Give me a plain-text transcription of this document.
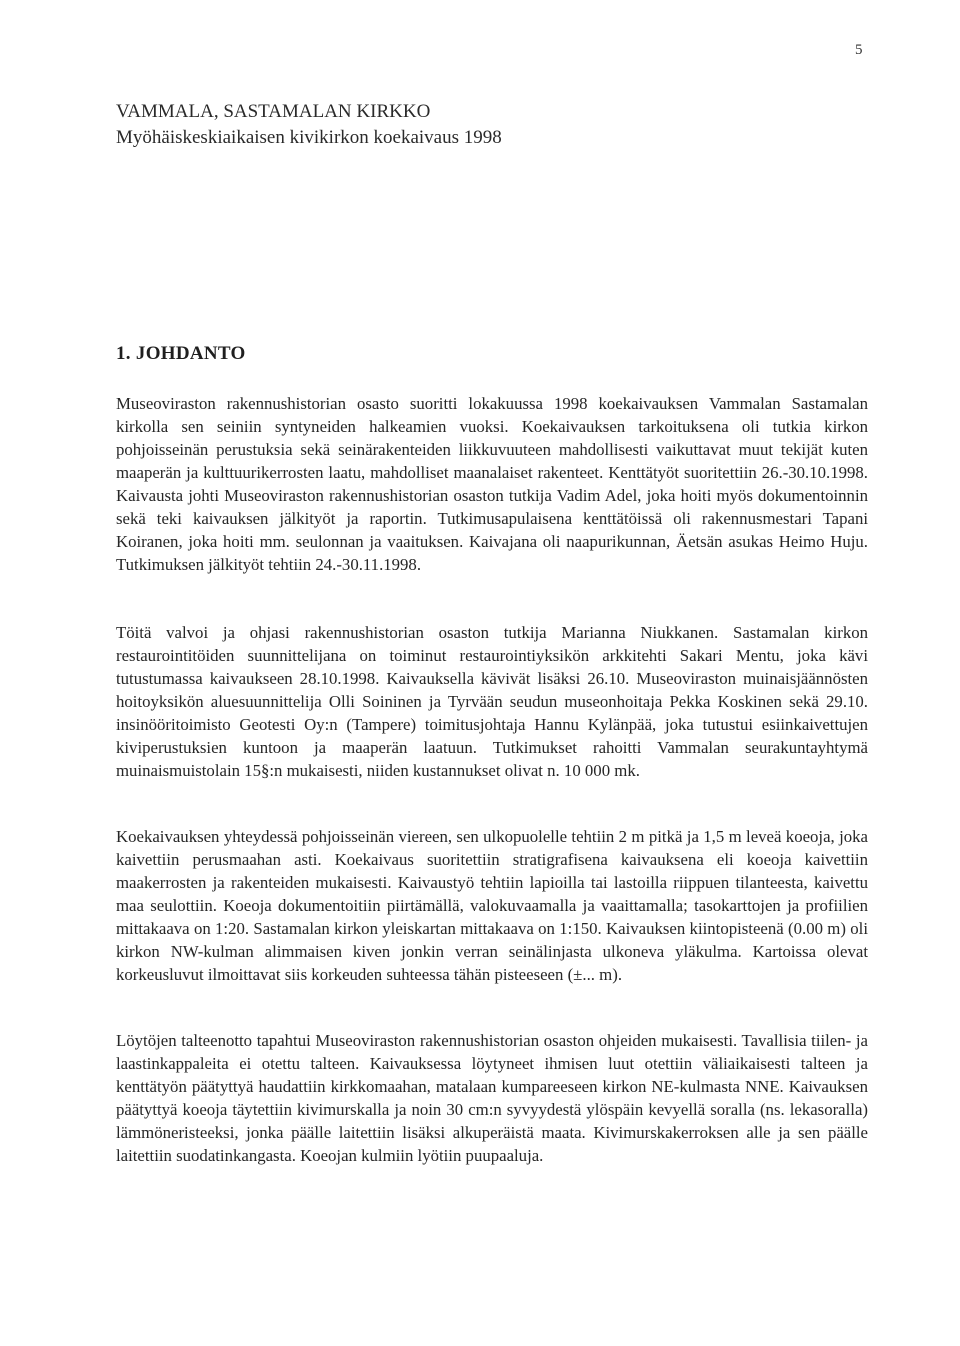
5
VAMMALA, SASTAMALAN KIRKKO
Myöhäiskeskiaikaisen kivikirkon koekaivaus 1998
1. JOHDANTO

Museoviraston rakennushistorian osasto suoritti lokakuussa 1998 koekaivauksen Vammalan Sastamalan kirkolla sen seiniin syntyneiden halkeamien vuoksi. Koekaivauksen tarkoituksena oli tutkia kirkon pohjoisseinän perustuksia sekä seinärakenteiden liikkuvuuteen mahdollisesti vaikuttavat muut tekijät kuten maaperän ja kulttuurikerrosten laatu, mahdolliset maanalaiset rakenteet. Kenttätyöt suoritettiin 26.-30.10.1998. Kaivausta johti Museoviraston rakennushistorian osaston tutkija Vadim Adel, joka hoiti myös dokumentoinnin sekä teki kaivauksen jälkityöt ja raportin. Tutkimusapulaisena kenttätöissä oli rakennusmestari Tapani Koiranen, joka hoiti mm. seulonnan ja vaaituksen. Kaivajana oli naapurikunnan, Äetsän asukas Heimo Huju. Tutkimuksen jälkityöt tehtiin 24.-30.11.1998.

Töitä valvoi ja ohjasi rakennushistorian osaston tutkija Marianna Niukkanen. Sastamalan kirkon restaurointitöiden suunnittelijana on toiminut restaurointiyksikön arkkitehti Sakari Mentu, joka kävi tutustumassa kaivaukseen 28.10.1998. Kaivauksella kävivät lisäksi 26.10. Museoviraston muinaisjäännösten hoitoyksikön aluesuunnittelija Olli Soininen ja Tyrvään seudun museonhoitaja Pekka Koskinen sekä 29.10. insinööritoimisto Geotesti Oy:n (Tampere) toimitusjohtaja Hannu Kylänpää, joka tutustui esiinkaivettujen kiviperustuksien kuntoon ja maaperän laatuun. Tutkimukset rahoitti Vammalan seurakuntayhtymä muinaismuistolain 15§:n mukaisesti, niiden kustannukset olivat n. 10 000 mk.

Koekaivauksen yhteydessä pohjoisseinän viereen, sen ulkopuolelle tehtiin 2 m pitkä ja 1,5 m leveä koeoja, joka kaivettiin perusmaahan asti. Koekaivaus suoritettiin stratigrafisena kaivauksena eli koeoja kaivettiin maakerrosten ja rakenteiden mukaisesti. Kaivaustyö tehtiin lapioilla tai lastoilla riippuen tilanteesta, kaivettu maa seulottiin. Koeoja dokumentoitiin piirtämällä, valokuvaamalla ja vaaittamalla; tasokarttojen ja profiilien mittakaava on 1:20. Sastamalan kirkon yleiskartan mittakaava on 1:150. Kaivauksen kiintopisteenä (0.00 m) oli kirkon NW-kulman alimmaisen kiven jonkin verran seinälinjasta ulkoneva yläkulma. Kartoissa olevat korkeusluvut ilmoittavat siis korkeuden suhteessa tähän pisteeseen (±... m).

Löytöjen talteenotto tapahtui Museoviraston rakennushistorian osaston ohjeiden mukaisesti. Tavallisia tiilen- ja laastinkappaleita ei otettu talteen. Kaivauksessa löytyneet ihmisen luut otettiin väliaikaisesti talteen ja kenttätyön päätyttyä haudattiin kirkkomaahan, matalaan kumpareeseen kirkon NE-kulmasta NNE. Kaivauksen päätyttyä koeoja täytettiin kivimurskalla ja noin 30 cm:n syvyydestä ylöspäin kevyellä soralla (ns. lekasoralla) lämmöneristeeksi, jonka päälle laitettiin lisäksi alkuperäistä maata. Kivimurskakerroksen alle ja sen päälle laitettiin suodatinkangasta. Koeojan kulmiin lyötiin puupaaluja.
